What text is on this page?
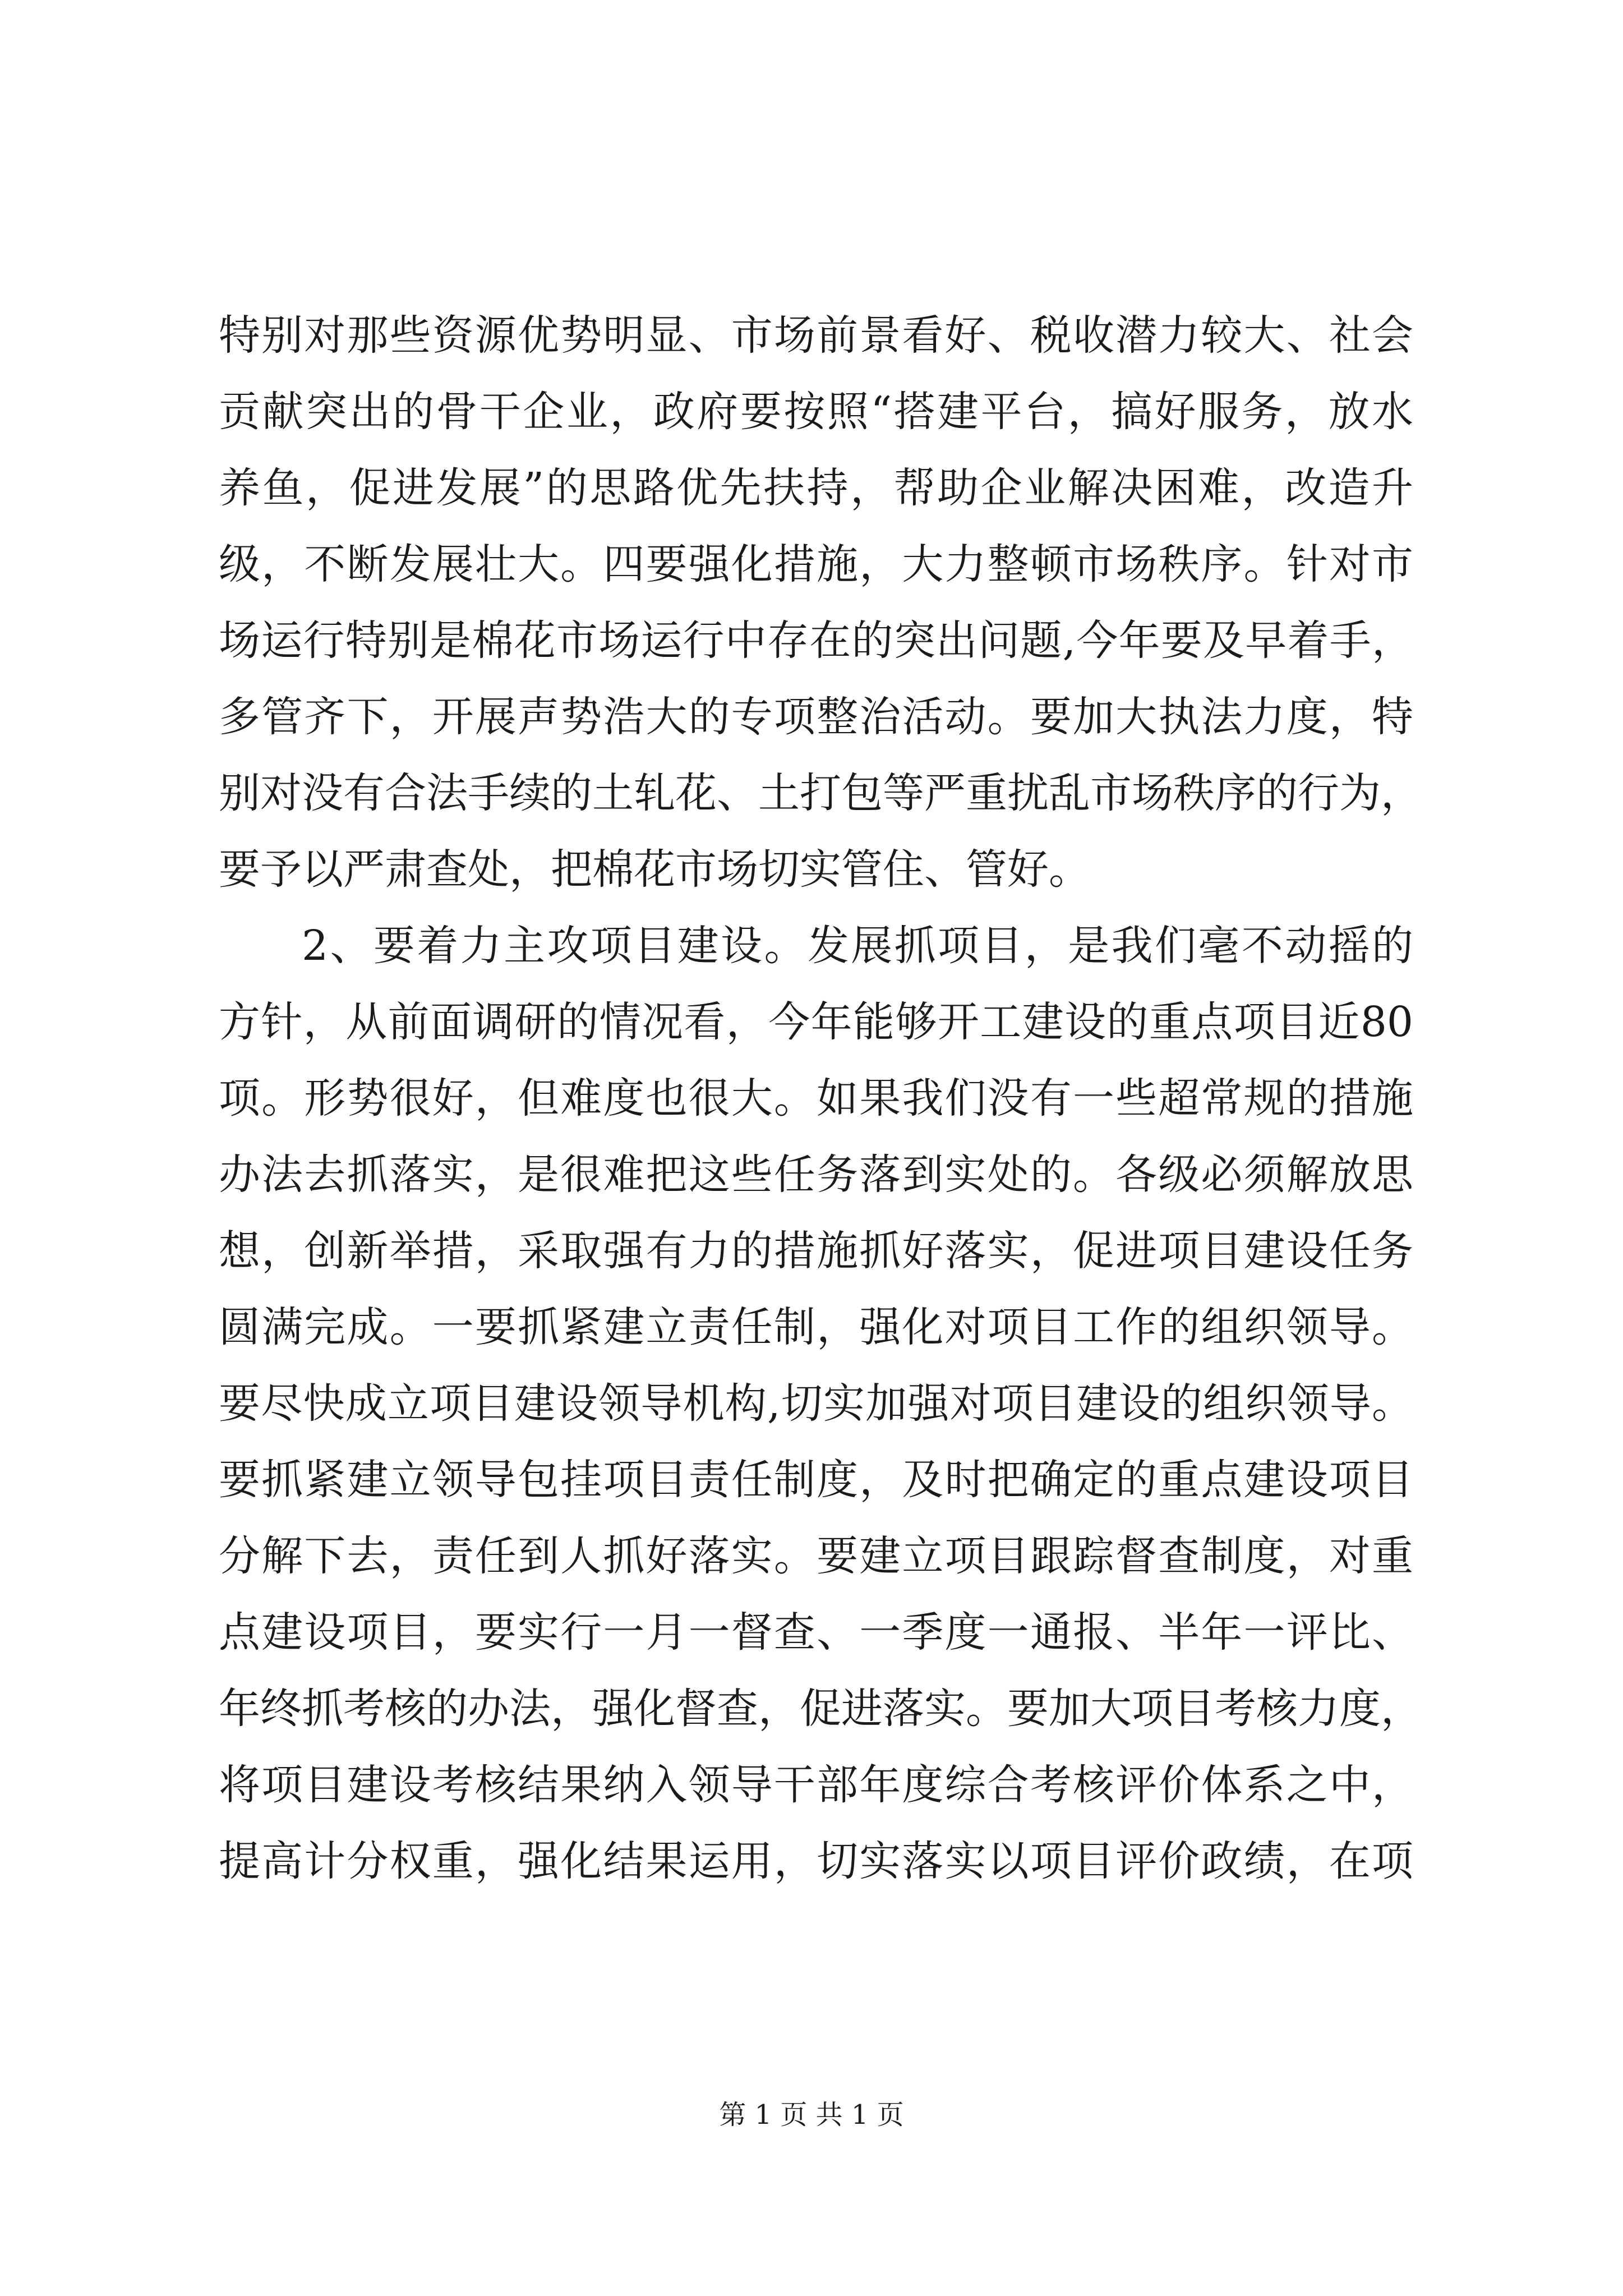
特别对那些资源优势明显、市场前景看好、税收潜力较大、社会
贡献突出的骨干企业，政府要按照“搭建平台，搞好服务，放水
养鱼，促进发展”的思路优先扶持，帮助企业解决困难，改造升
级，不断发展壮大。四要强化措施，大力整顿市场秩序。针对市
场运行特别是棉花市场运行中存在的突出问题,今年要及早着手，
多管齐下，开展声势浩大的专项整治活动。要加大执法力度，特
别对没有合法手续的土轧花、土打包等严重扰乱市场秩序的行为，
要予以严肃查处，把棉花市场切实管住、管好。
2、要着力主攻项目建设。发展抓项目，是我们毫不动摇的
方针，从前面调研的情况看，今年能够开工建设的重点项目近80
项。形势很好，但难度也很大。如果我们没有一些超常规的措施
办法去抓落实，是很难把这些任务落到实处的。各级必须解放思
想，创新举措，采取强有力的措施抓好落实，促进项目建设任务
圆满完成。一要抓紧建立责任制，强化对项目工作的组织领导。
要尽快成立项目建设领导机构,切实加强对项目建设的组织领导。
要抓紧建立领导包挂项目责任制度，及时把确定的重点建设项目
分解下去，责任到人抓好落实。要建立项目跟踪督查制度，对重
点建设项目，要实行一月一督查、一季度一通报、半年一评比、
年终抓考核的办法，强化督查，促进落实。要加大项目考核力度，
将项目建设考核结果纳入领导干部年度综合考核评价体系之中，
提高计分权重，强化结果运用，切实落实以项目评价政绩，在项
第 1 页 共 1 页
